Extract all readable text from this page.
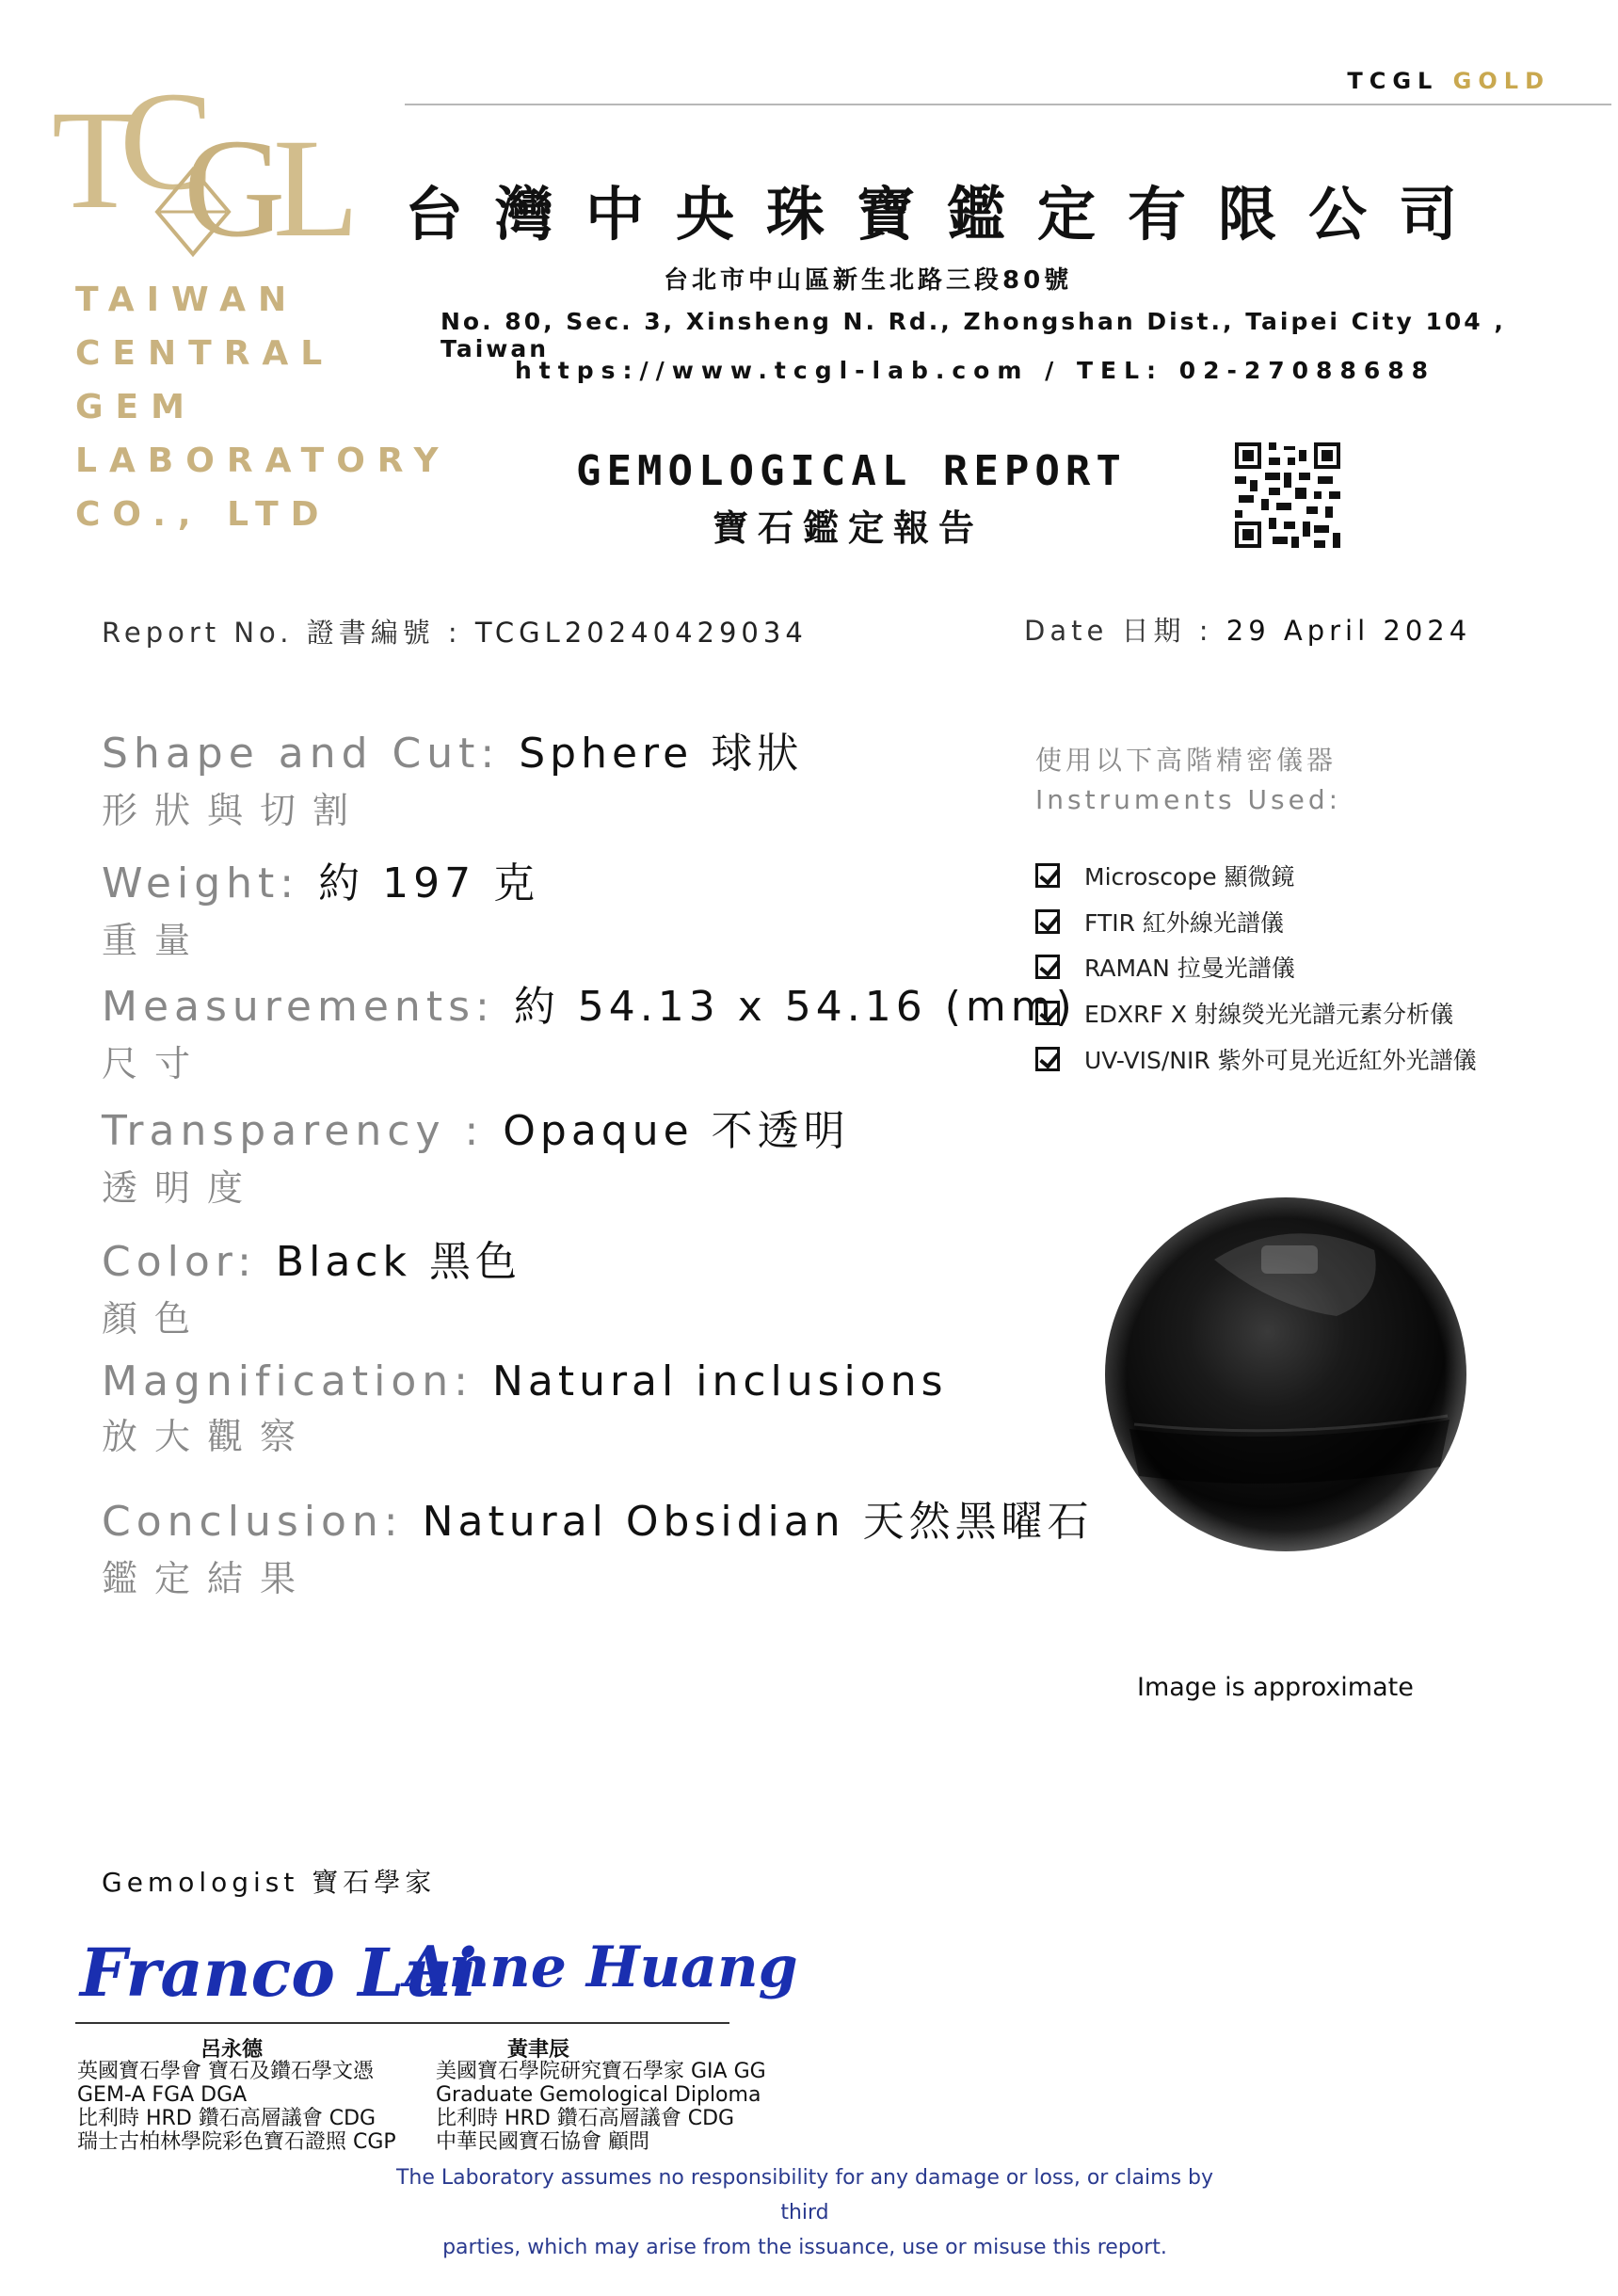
T
C
G
L
TAIWAN
CENTRAL
GEM
LABORATORY
CO., LTD
TCGL GOLD
台灣中央珠寶鑑定有限公司
台北市中山區新生北路三段80號
No. 80, Sec. 3, Xinsheng N. Rd., Zhongshan Dist., Taipei City 104 , Taiwan
https://www.tcgl-lab.com / TEL: 02-27088688
GEMOLOGICAL REPORT
寶石鑑定報告
Report No. 證書編號 : TCGL20240429034	Date 日期 : 29 April 2024
Shape and Cut: Sphere 球狀
形狀與切割
Weight: 約 197 克
重量
Measurements: 約 54.13 x 54.16 (mm)
尺寸
Transparency : Opaque 不透明
透明度
Color: Black 黑色
顏色
Magnification: Natural inclusions
放大觀察
Conclusion: Natural Obsidian 天然黑曜石
鑑定結果
使用以下高階精密儀器
Instruments Used:
Microscope 顯微鏡
FTIR 紅外線光譜儀
RAMAN 拉曼光譜儀
EDXRF X 射線熒光光譜元素分析儀
UV-VIS/NIR 紫外可見光近紅外光譜儀
Image is approximate
Gemologist 寶石學家
Franco Lui
Anne Huang
呂永德	黃聿辰
英國寶石學會 寶石及鑽石學文憑
GEM-A FGA DGA
比利時 HRD 鑽石高層議會 CDG
瑞士古柏林學院彩色寶石證照 CGP
美國寶石學院研究寶石學家 GIA GG
Graduate Gemological Diploma
比利時 HRD 鑽石高層議會 CDG
中華民國寶石協會 顧問
The Laboratory assumes no responsibility for any damage or loss, or claims by third
parties, which may arise from the issuance, use or misuse this report.
